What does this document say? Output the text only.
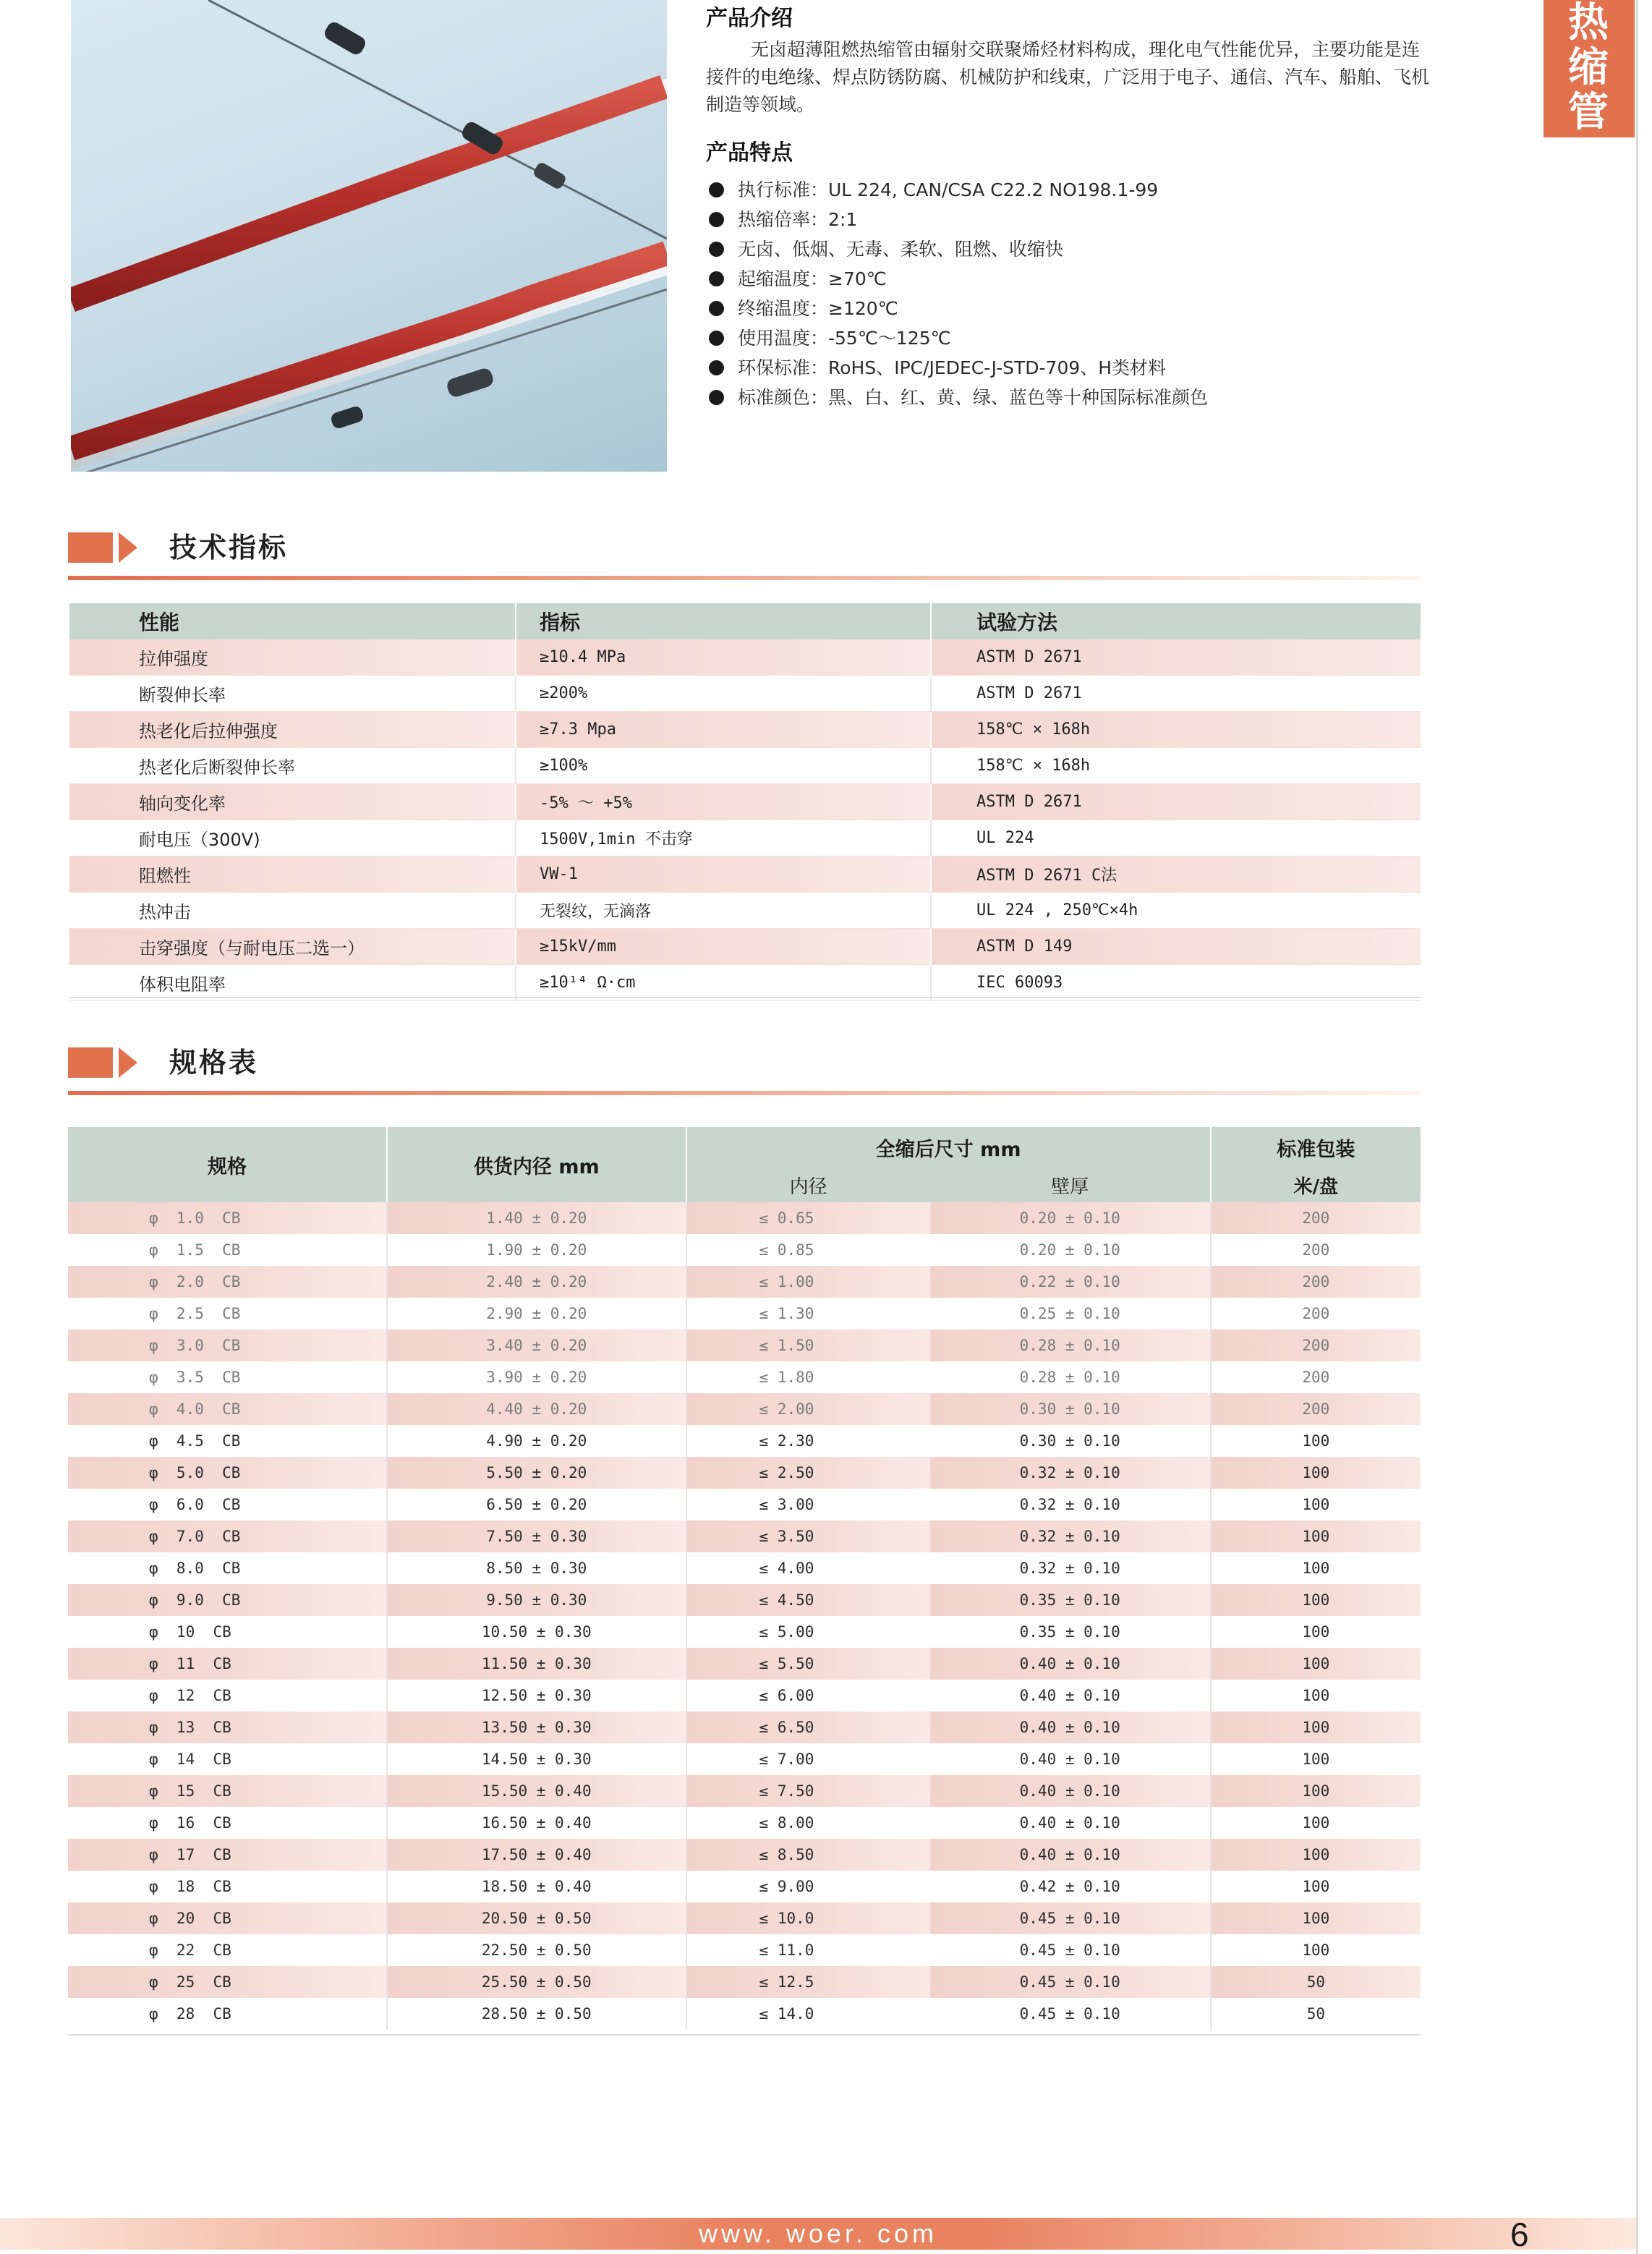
产品介绍

无卤超薄阻燃热缩管由辐射交联聚烯烃材料构成，理化电气性能优异，主要功能是连接件的电绝缘、焊点防锈防腐、机械防护和线束，广泛用于电子、通信、汽车、船舶、飞机制造等领域。

产品特点
执行标准：UL 224, CAN/CSA C22.2 NO198.1-99
热缩倍率：2:1
无卤、低烟、无毒、柔软、阻燃、收缩快
起缩温度：≥70℃
终缩温度：≥120℃
使用温度：-55℃～125℃
环保标准：RoHS、IPC/JEDEC-J-STD-709、H类材料
标准颜色：黑、白、红、黄、绿、蓝色等十种国际标准颜色
热
缩
管
技术指标
性能	指标	试验方法
拉伸强度	≥10.4 MPa	ASTM D 2671
断裂伸长率	≥200%	ASTM D 2671
热老化后拉伸强度	≥7.3 Mpa	158℃ × 168h
热老化后断裂伸长率	≥100%	158℃ × 168h
轴向变化率	-5% ～ +5%	ASTM D 2671
耐电压（300V)	1500V,1min 不击穿	UL 224
阻燃性	VW-1	ASTM D 2671 C法
热冲击	无裂纹，无滴落	UL 224 , 250℃×4h
击穿强度（与耐电压二选一）	≥15kV/mm	ASTM D 149
体积电阻率	≥10¹⁴ Ω·cm	IEC 60093
规格表
规格	供货内径 mm	全缩后尺寸 mm		标准包装
		内径	壁厚	米/盘
φ  1.0  CB	1.40 ± 0.20	≤ 0.65	0.20 ± 0.10	200
φ  1.5  CB	1.90 ± 0.20	≤ 0.85	0.20 ± 0.10	200
φ  2.0  CB	2.40 ± 0.20	≤ 1.00	0.22 ± 0.10	200
φ  2.5  CB	2.90 ± 0.20	≤ 1.30	0.25 ± 0.10	200
φ  3.0  CB	3.40 ± 0.20	≤ 1.50	0.28 ± 0.10	200
φ  3.5  CB	3.90 ± 0.20	≤ 1.80	0.28 ± 0.10	200
φ  4.0  CB	4.40 ± 0.20	≤ 2.00	0.30 ± 0.10	200
φ  4.5  CB	4.90 ± 0.20	≤ 2.30	0.30 ± 0.10	100
φ  5.0  CB	5.50 ± 0.20	≤ 2.50	0.32 ± 0.10	100
φ  6.0  CB	6.50 ± 0.20	≤ 3.00	0.32 ± 0.10	100
φ  7.0  CB	7.50 ± 0.30	≤ 3.50	0.32 ± 0.10	100
φ  8.0  CB	8.50 ± 0.30	≤ 4.00	0.32 ± 0.10	100
φ  9.0  CB	9.50 ± 0.30	≤ 4.50	0.35 ± 0.10	100
φ  10  CB	10.50 ± 0.30	≤ 5.00	0.35 ± 0.10	100
φ  11  CB	11.50 ± 0.30	≤ 5.50	0.40 ± 0.10	100
φ  12  CB	12.50 ± 0.30	≤ 6.00	0.40 ± 0.10	100
φ  13  CB	13.50 ± 0.30	≤ 6.50	0.40 ± 0.10	100
φ  14  CB	14.50 ± 0.30	≤ 7.00	0.40 ± 0.10	100
φ  15  CB	15.50 ± 0.40	≤ 7.50	0.40 ± 0.10	100
φ  16  CB	16.50 ± 0.40	≤ 8.00	0.40 ± 0.10	100
φ  17  CB	17.50 ± 0.40	≤ 8.50	0.40 ± 0.10	100
φ  18  CB	18.50 ± 0.40	≤ 9.00	0.42 ± 0.10	100
φ  20  CB	20.50 ± 0.50	≤ 10.0	0.45 ± 0.10	100
φ  22  CB	22.50 ± 0.50	≤ 11.0	0.45 ± 0.10	100
φ  25  CB	25.50 ± 0.50	≤ 12.5	0.45 ± 0.10	50
φ  28  CB	28.50 ± 0.50	≤ 14.0	0.45 ± 0.10	50
www. woer. com	6
